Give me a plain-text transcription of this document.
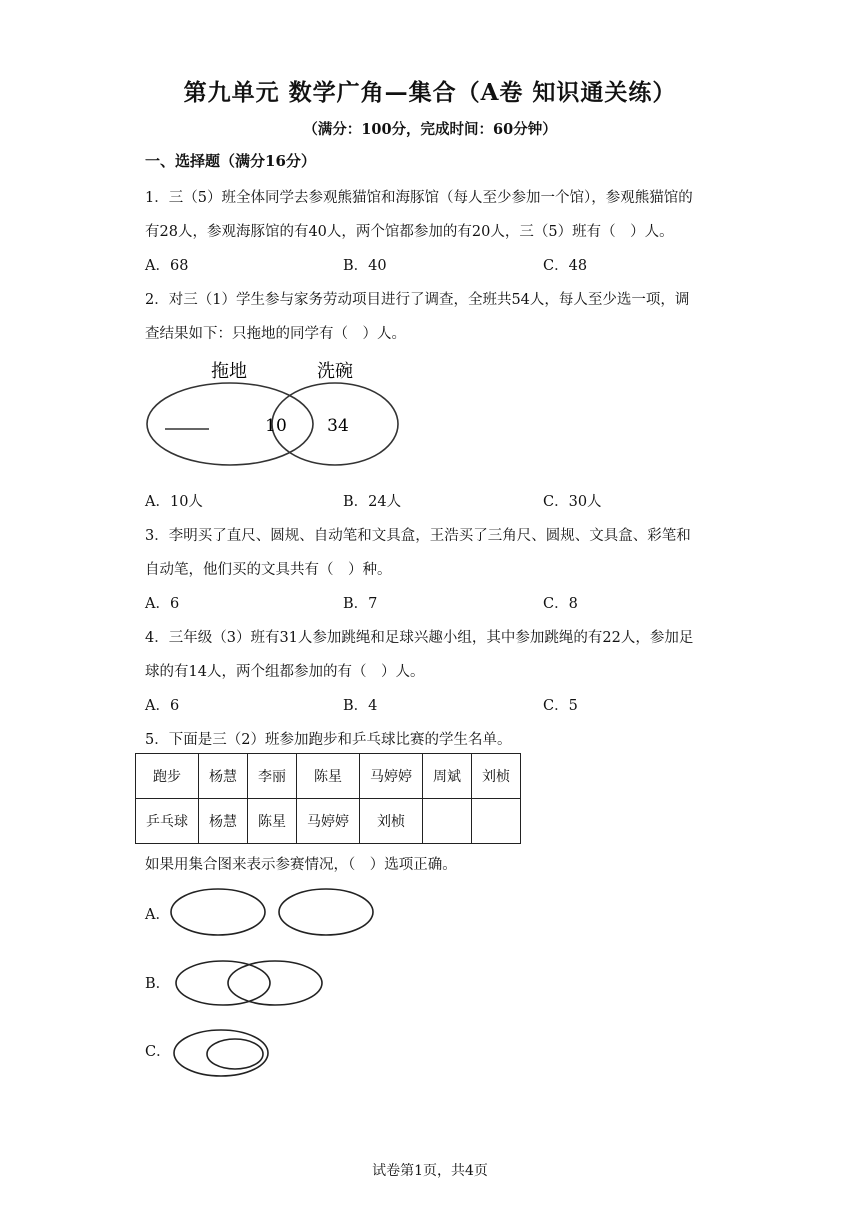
第九单元 数学广角—集合（A卷 知识通关练）
（满分：100分，完成时间：60分钟）
一、选择题（满分16分）
1．三（5）班全体同学去参观熊猫馆和海豚馆（每人至少参加一个馆），参观熊猫馆的
有28人，参观海豚馆的有40人，两个馆都参加的有20人，三（5）班有（　）人。
A．68	B．40	C．48
2．对三（1）学生参与家务劳动项目进行了调查，全班共54人，每人至少选一项，调
查结果如下：只拖地的同学有（　）人。
拖地	洗碗
10 34
A．10人	B．24人	C．30人
3．李明买了直尺、圆规、自动笔和文具盒，王浩买了三角尺、圆规、文具盒、彩笔和
自动笔，他们买的文具共有（　）种。
A．6	B．7	C．8
4．三年级（3）班有31人参加跳绳和足球兴趣小组，其中参加跳绳的有22人，参加足
球的有14人，两个组都参加的有（　）人。
A．6	B．4	C．5
5．下面是三（2）班参加跑步和乒乓球比赛的学生名单。
跑步	杨慧	李丽	陈星	马婷婷	周斌	刘桢
乒乓球	杨慧	陈星	马婷婷	刘桢		
如果用集合图来表示参赛情况，（　）选项正确。
A．
B．
C．
试卷第1页，共4页
